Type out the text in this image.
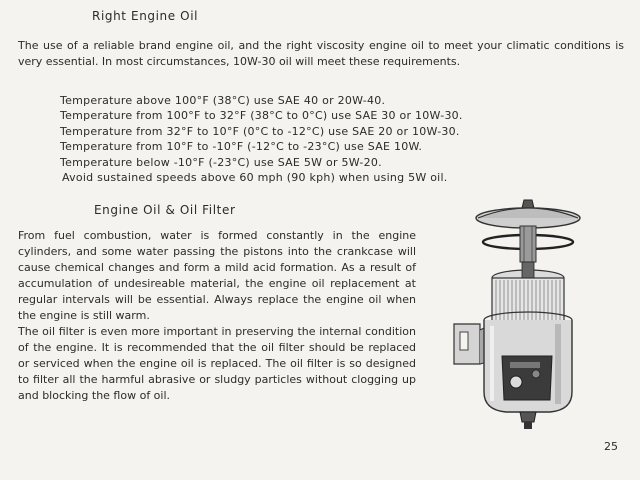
Right Engine Oil

The use of a reliable brand engine oil, and the right viscosity engine oil to meet your climatic conditions is very essential. In most circumstances, 10W-30 oil will meet these requirements.

Temperature above 100°F (38°C) use SAE 40 or 20W-40.
Temperature from 100°F to 32°F (38°C to 0°C) use SAE 30 or 10W-30.
Temperature from 32°F to 10°F (0°C to -12°C) use SAE 20 or 10W-30.
Temperature from 10°F to -10°F (-12°C to -23°C) use SAE 10W.
Temperature below -10°F (-23°C) use SAE 5W or 5W-20.
Avoid sustained speeds above 60 mph (90 kph) when using 5W oil.
Engine Oil & Oil Filter

From fuel combustion, water is formed constantly in the engine cylinders, and some water passing the pistons into the crankcase will cause chemical changes and form a mild acid formation. As a result of accumulation of undesireable material, the engine oil replacement at regular intervals will be essential. Always replace the engine oil when the engine is still warm.

The oil filter is even more important in preserving the internal condition of the engine. It is recommended that the oil filter should be replaced or serviced when the engine oil is replaced. The oil filter is so designed to filter all the harmful abrasive or sludgy particles without clogging up and blocking the flow of oil.

25
